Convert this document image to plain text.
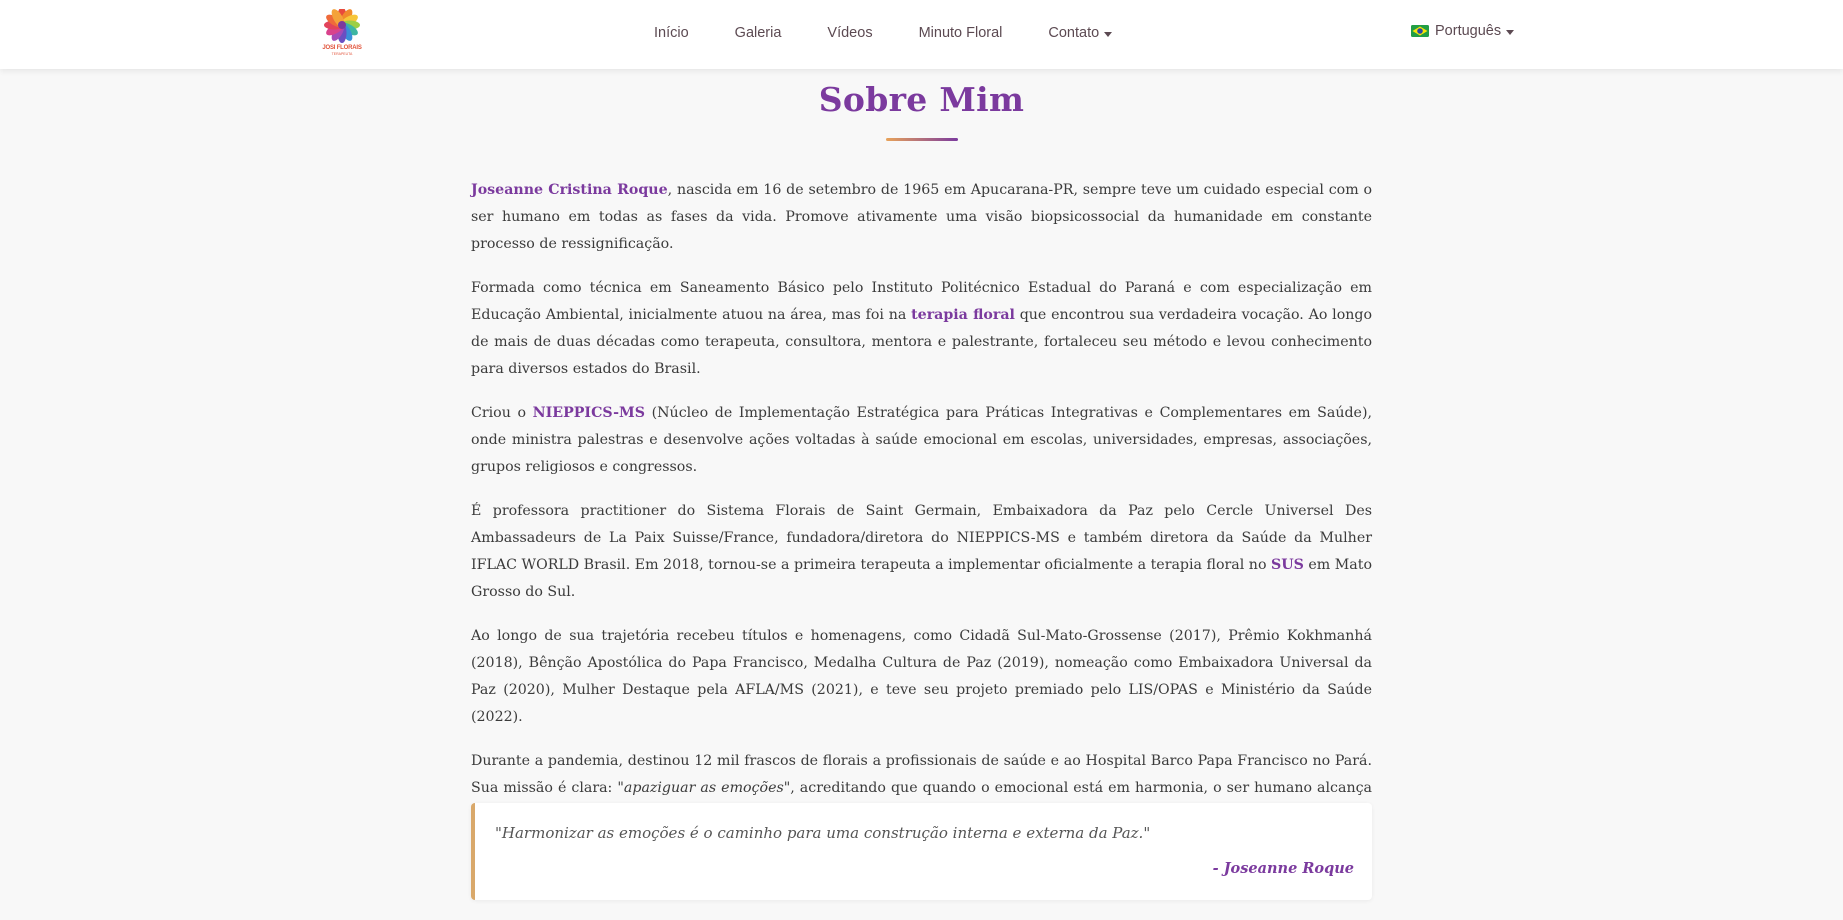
JOSI FLORAIS
TERAPEUTA
Início	Galeria	Vídeos	Minuto Floral	Contato	Português
Sobre Mim

Joseanne Cristina Roque, nascida em 16 de setembro de 1965 em Apucarana-PR, sempre teve um cuidado especial com o ser humano em todas as fases da vida. Promove ativamente uma visão biopsicossocial da humanidade em constante processo de ressignificação.

Formada como técnica em Saneamento Básico pelo Instituto Politécnico Estadual do Paraná e com especialização em Educação Ambiental, inicialmente atuou na área, mas foi na terapia floral que encontrou sua verdadeira vocação. Ao longo de mais de duas décadas como terapeuta, consultora, mentora e palestrante, fortaleceu seu método e levou conhecimento para diversos estados do Brasil.

Criou o NIEPPICS-MS (Núcleo de Implementação Estratégica para Práticas Integrativas e Complementares em Saúde), onde ministra palestras e desenvolve ações voltadas à saúde emocional em escolas, universidades, empresas, associações, grupos religiosos e congressos.

É professora practitioner do Sistema Florais de Saint Germain, Embaixadora da Paz pelo Cercle Universel Des Ambassadeurs de La Paix Suisse/France, fundadora/diretora do NIEPPICS-MS e também diretora da Saúde da Mulher IFLAC WORLD Brasil. Em 2018, tornou-se a primeira terapeuta a implementar oficialmente a terapia floral no SUS em Mato Grosso do Sul.

Ao longo de sua trajetória recebeu títulos e homenagens, como Cidadã Sul-Mato-Grossense (2017), Prêmio Kokhmanhá (2018), Bênção Apostólica do Papa Francisco, Medalha Cultura de Paz (2019), nomeação como Embaixadora Universal da Paz (2020), Mulher Destaque pela AFLA/MS (2021), e teve seu projeto premiado pelo LIS/OPAS e Ministério da Saúde (2022).

Durante a pandemia, destinou 12 mil frascos de florais a profissionais de saúde e ao Hospital Barco Papa Francisco no Pará. Sua missão é clara: "apaziguar as emoções", acreditando que quando o emocional está em harmonia, o ser humano alcança

"Harmonizar as emoções é o caminho para uma construção interna e externa da Paz."
- Joseanne Roque
